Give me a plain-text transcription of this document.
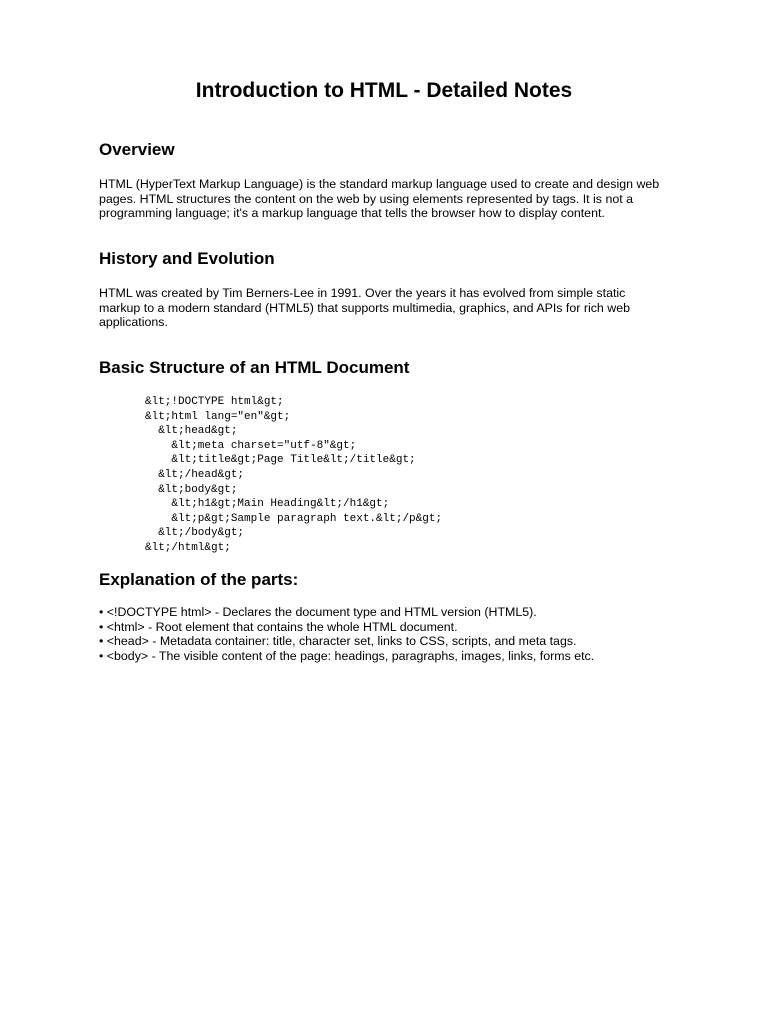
Introduction to HTML - Detailed Notes
Overview

HTML (HyperText Markup Language) is the standard markup language used to create and design web pages. HTML structures the content on the web by using elements represented by tags. It is not a programming language; it's a markup language that tells the browser how to display content.

History and Evolution

HTML was created by Tim Berners-Lee in 1991. Over the years it has evolved from simple static markup to a modern standard (HTML5) that supports multimedia, graphics, and APIs for rich web applications.

Basic Structure of an HTML Document
&lt;!DOCTYPE html&gt;
&lt;html lang="en"&gt;
&lt;head&gt;
&lt;meta charset="utf-8"&gt;
&lt;title&gt;Page Title&lt;/title&gt;
&lt;/head&gt;
&lt;body&gt;
&lt;h1&gt;Main Heading&lt;/h1&gt;
&lt;p&gt;Sample paragraph text.&lt;/p&gt;
&lt;/body&gt;
&lt;/html&gt;
Explanation of the parts:
• <!DOCTYPE html> - Declares the document type and HTML version (HTML5).
• <html> - Root element that contains the whole HTML document.
• <head> - Metadata container: title, character set, links to CSS, scripts, and meta tags.
• <body> - The visible content of the page: headings, paragraphs, images, links, forms etc.
